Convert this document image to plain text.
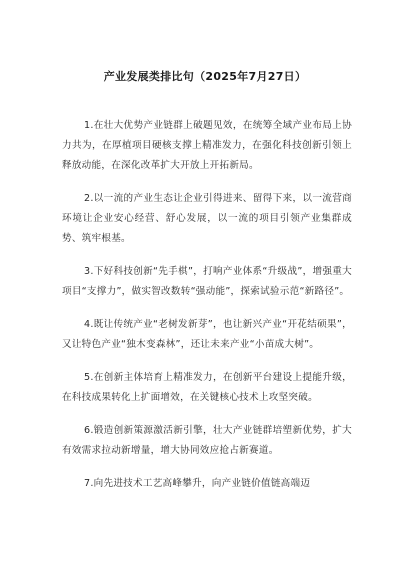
产业发展类排比句（2025年7月27日）

1.在壮大优势产业链群上破题见效，在统筹全域产业布局上协力共为，在厚植项目硬核支撑上精准发力，在强化科技创新引领上释放动能，在深化改革扩大开放上开拓新局。

2.以一流的产业生态让企业引得进来、留得下来，以一流营商环境让企业安心经营、舒心发展，以一流的项目引领产业集群成势、筑牢根基。

3.下好科技创新“先手棋”，打响产业体系“升级战”，增强重大项目“支撑力”，做实智改数转“强动能”，探索试验示范“新路径”。

4.既让传统产业“老树发新芽”，也让新兴产业“开花结硕果”，又让特色产业“独木变森林”，还让未来产业“小苗成大树”。

5.在创新主体培育上精准发力，在创新平台建设上提能升级，在科技成果转化上扩面增效，在关键核心技术上攻坚突破。

6.锻造创新策源激活新引擎，壮大产业链群培塑新优势，扩大有效需求拉动新增量，增大协同效应抢占新赛道。

7.向先进技术工艺高峰攀升，向产业链价值链高端迈
